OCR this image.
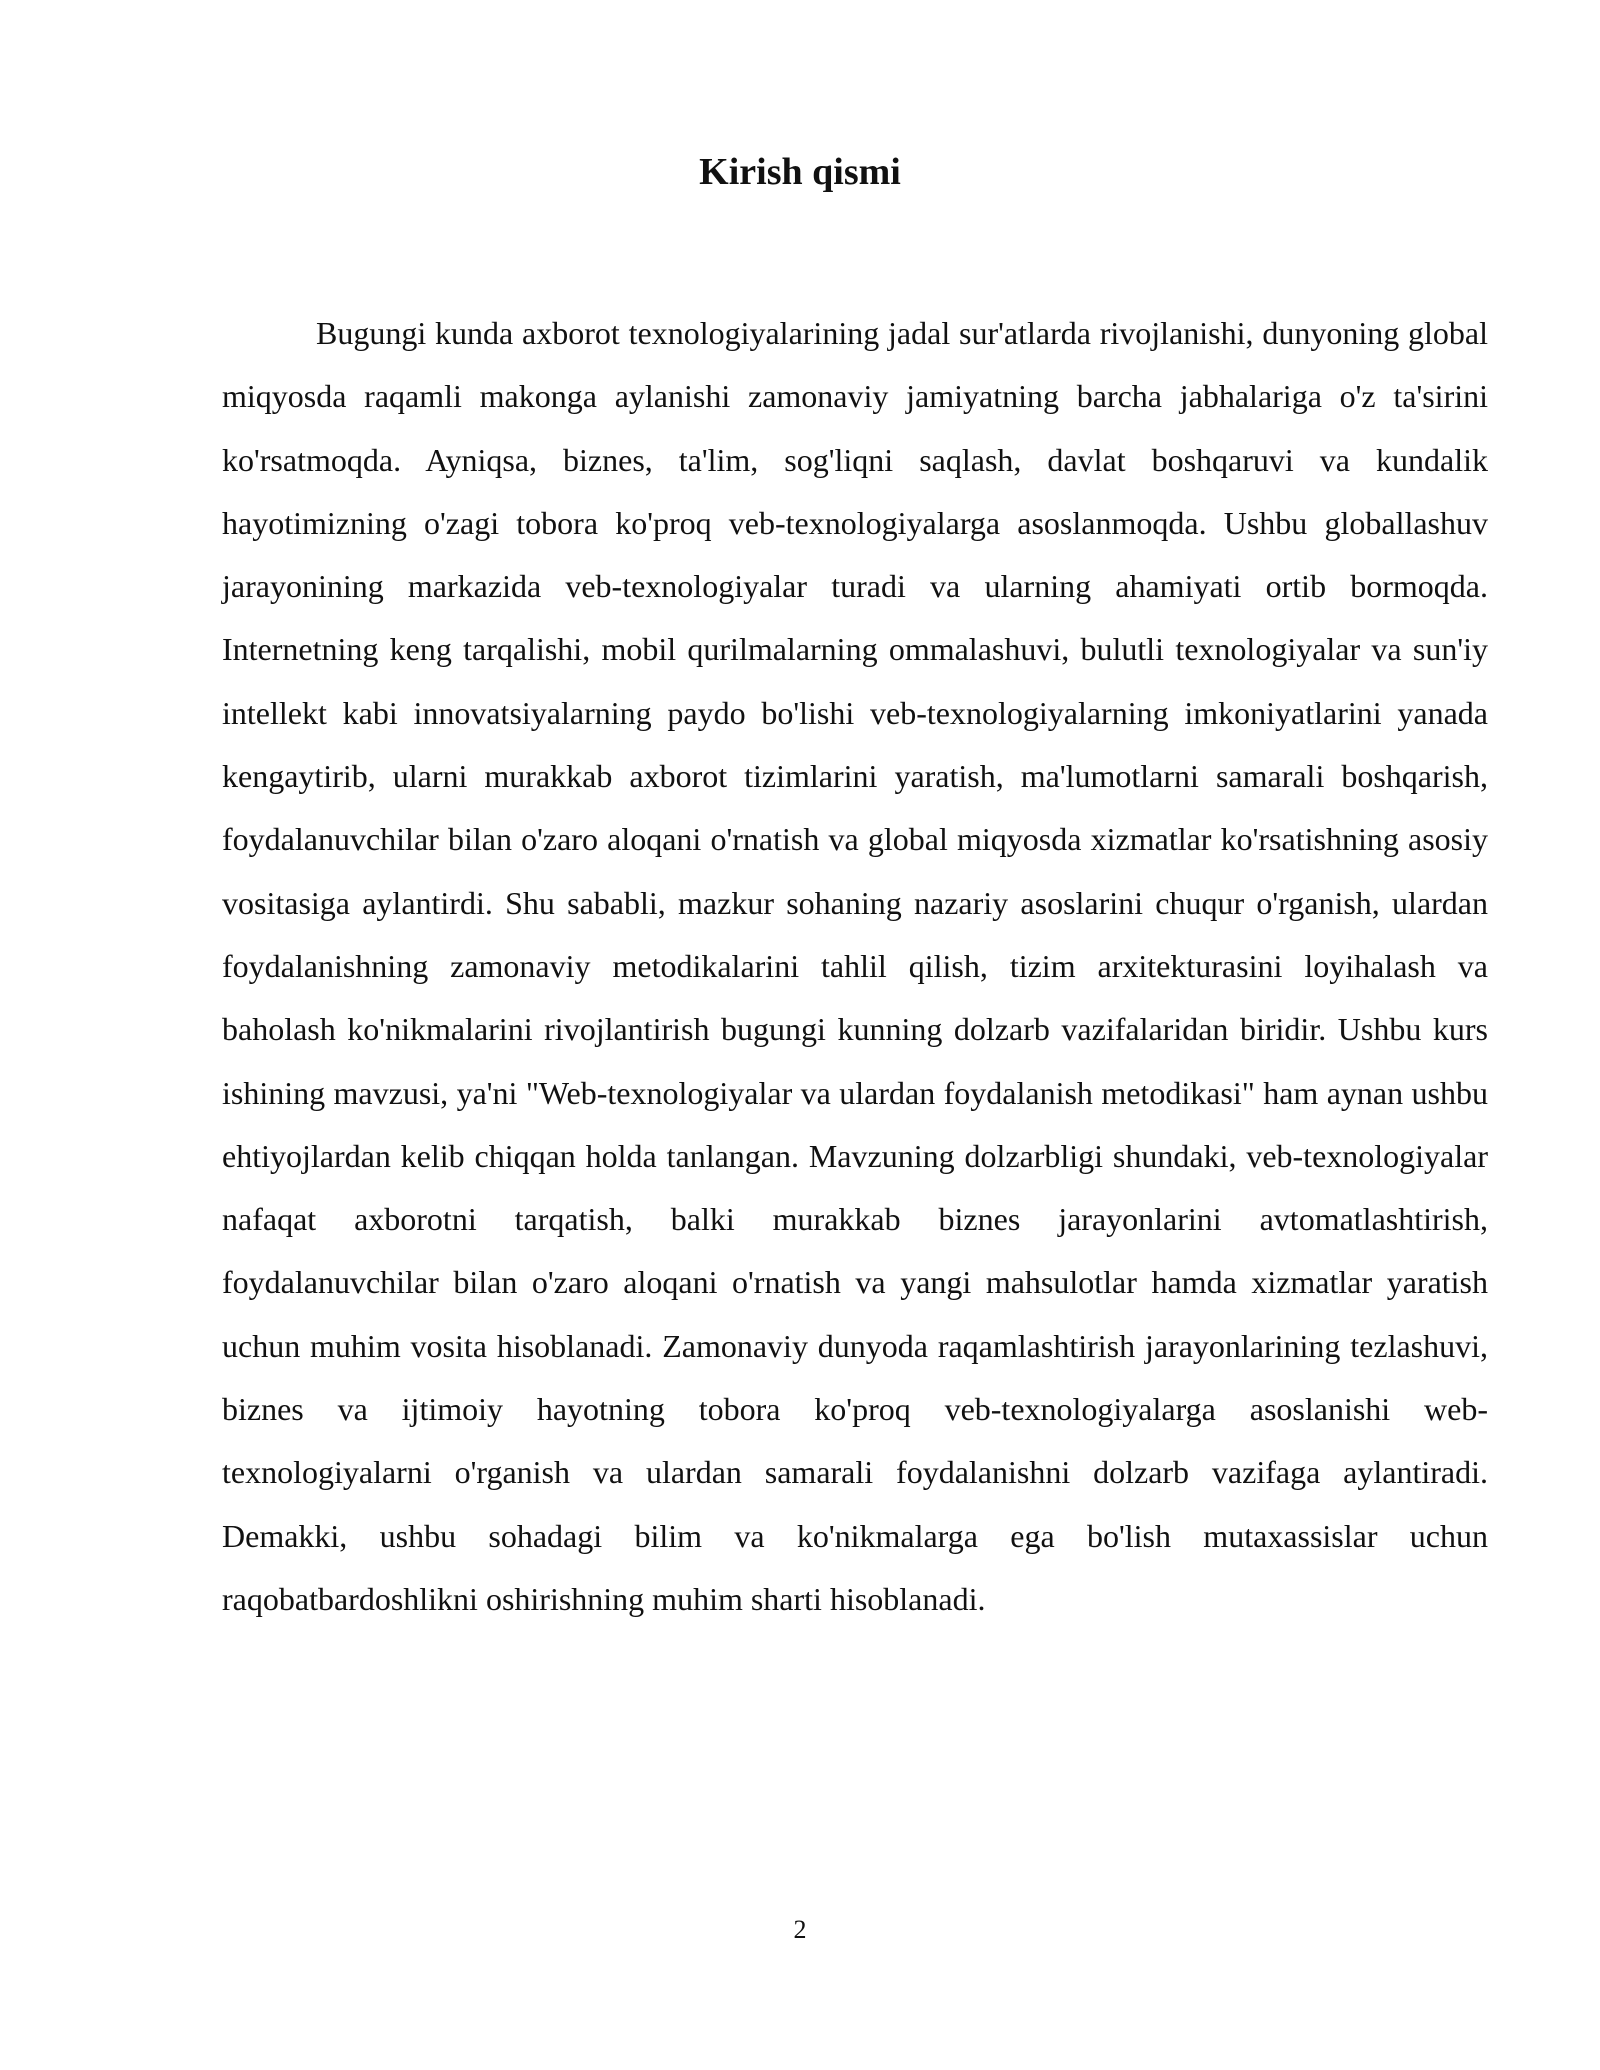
Kirish qismi

Bugungi kunda axborot texnologiyalarining jadal sur'atlarda rivojlanishi, dunyoning global miqyosda raqamli makonga aylanishi zamonaviy jamiyatning barcha jabhalariga o'z ta'sirini ko'rsatmoqda. Ayniqsa, biznes, ta'lim, sog'liqni saqlash, davlat boshqaruvi va kundalik hayotimizning o'zagi tobora ko'proq veb-texnologiyalarga asoslanmoqda. Ushbu globallashuv jarayonining markazida veb-texnologiyalar turadi va ularning ahamiyati ortib bormoqda. Internetning keng tarqalishi, mobil qurilmalarning ommalashuvi, bulutli texnologiyalar va sun'iy intellekt kabi innovatsiyalarning paydo bo'lishi veb-texnologiyalarning imkoniyatlarini yanada kengaytirib, ularni murakkab axborot tizimlarini yaratish, ma'lumotlarni samarali boshqarish, foydalanuvchilar bilan o'zaro aloqani o'rnatish va global miqyosda xizmatlar ko'rsatishning asosiy vositasiga aylantirdi. Shu sababli, mazkur sohaning nazariy asoslarini chuqur o'rganish, ulardan foydalanishning zamonaviy metodikalarini tahlil qilish, tizim arxitekturasini loyihalash va baholash ko'nikmalarini rivojlantirish bugungi kunning dolzarb vazifalaridan biridir. Ushbu kurs ishining mavzusi, ya'ni "Web-texnologiyalar va ulardan foydalanish metodikasi" ham aynan ushbu ehtiyojlardan kelib chiqqan holda tanlangan. Mavzuning dolzarbligi shundaki, veb-texnologiyalar nafaqat axborotni tarqatish, balki murakkab biznes jarayonlarini avtomatlashtirish, foydalanuvchilar bilan o'zaro aloqani o'rnatish va yangi mahsulotlar hamda xizmatlar yaratish uchun muhim vosita hisoblanadi. Zamonaviy dunyoda raqamlashtirish jarayonlarining tezlashuvi, biznes va ijtimoiy hayotning tobora ko'proq veb-texnologiyalarga asoslanishi web-texnologiyalarni o'rganish va ulardan samarali foydalanishni dolzarb vazifaga aylantiradi. Demakki, ushbu sohadagi bilim va ko'nikmalarga ega bo'lish mutaxassislar uchun raqobatbardoshlikni oshirishning muhim sharti hisoblanadi.

2
